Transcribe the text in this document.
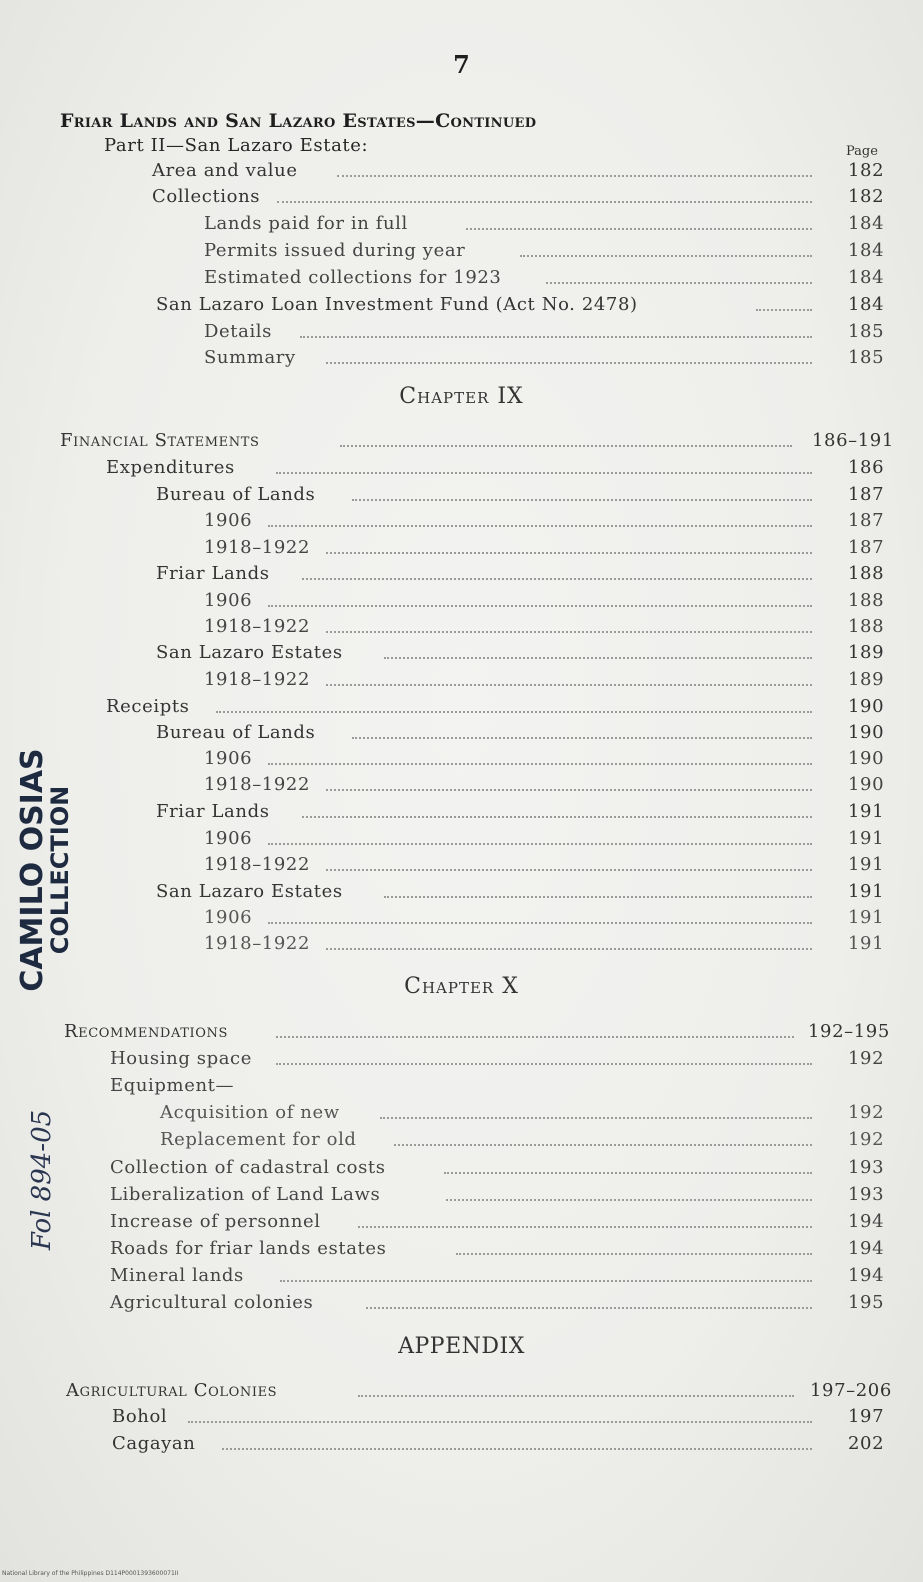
7
Friar Lands and San Lazaro Estates—Continued
Page
Part II—San Lazaro Estate:
Area and value	182
Collections	182
Lands paid for in full	184
Permits issued during year	184
Estimated collections for 1923	184
San Lazaro Loan Investment Fund (Act No. 2478)	184
Details	185
Summary	185
Chapter IX
Financial Statements	186–191
Expenditures	186
Bureau of Lands	187
1906	187
1918–1922	187
Friar Lands	188
1906	188
1918–1922	188
San Lazaro Estates	189
1918–1922	189
Receipts	190
Bureau of Lands	190
1906	190
1918–1922	190
Friar Lands	191
1906	191
1918–1922	191
San Lazaro Estates	191
1906	191
1918–1922	191
Chapter X
Recommendations	192–195
Housing space	192
Equipment—
Acquisition of new	192
Replacement for old	192
Collection of cadastral costs	193
Liberalization of Land Laws	193
Increase of personnel	194
Roads for friar lands estates	194
Mineral lands	194
Agricultural colonies	195
APPENDIX
Agricultural Colonies	197–206
Bohol	197
Cagayan	202
CAMILO OSIAS
COLLECTION
Fol 894-05
National Library of the Philippines D114P0001393600071II
